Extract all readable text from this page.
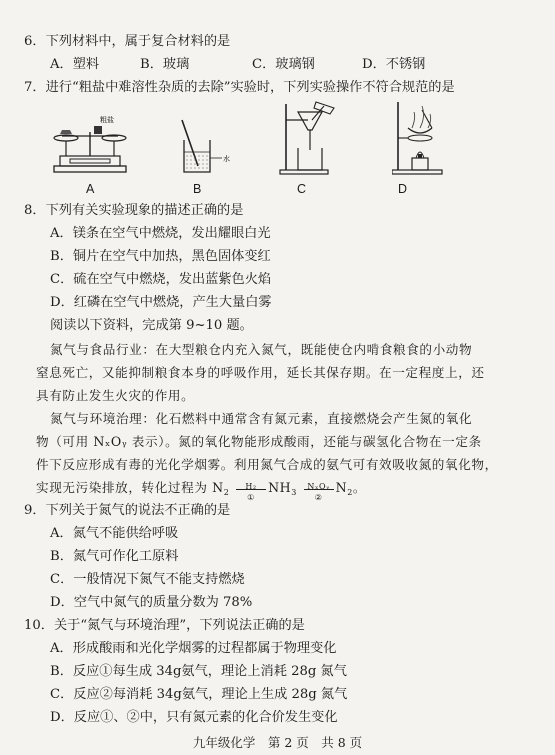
6．下列材料中，属于复合材料的是
A．塑料	B．玻璃	C．玻璃钢	D．不锈钢
7．进行“粗盐中难溶性杂质的去除”实验时，下列实验操作不符合规范的是
粗盐
水
A	B	C	D
8．下列有关实验现象的描述正确的是
A．镁条在空气中燃烧，发出耀眼白光
B．铜片在空气中加热，黑色固体变红
C．硫在空气中燃烧，发出蓝紫色火焰
D．红磷在空气中燃烧，产生大量白雾
阅读以下资料，完成第 9~10 题。
氮气与食品行业：在大型粮仓内充入氮气，既能使仓内啃食粮食的小动物
窒息死亡，又能抑制粮食本身的呼吸作用，延长其保存期。在一定程度上，还
具有防止发生火灾的作用。
氮气与环境治理：化石燃料中通常含有氮元素，直接燃烧会产生氮的氧化
物（可用 NₓOᵧ 表示）。氮的氧化物能形成酸雨，还能与碳氢化合物在一定条
件下反应形成有毒的光化学烟雾。利用氮气合成的氨气可有效吸收氮的氧化物，
实现无污染排放，转化过程为 $N_2$
H₂
①
$NH_3$
NₓOᵧ
②
$N_2$。
9．下列关于氮气的说法不正确的是
A．氮气不能供给呼吸
B．氮气可作化工原料
C．一般情况下氮气不能支持燃烧
D．空气中氮气的质量分数为 78%
10．关于“氮气与环境治理”，下列说法正确的是
A．形成酸雨和光化学烟雾的过程都属于物理变化
B．反应①每生成 34g氨气，理论上消耗 28g 氮气
C．反应②每消耗 34g氨气，理论上生成 28g 氮气
D．反应①、②中，只有氮元素的化合价发生变化
九年级化学　第 2 页　共 8 页
